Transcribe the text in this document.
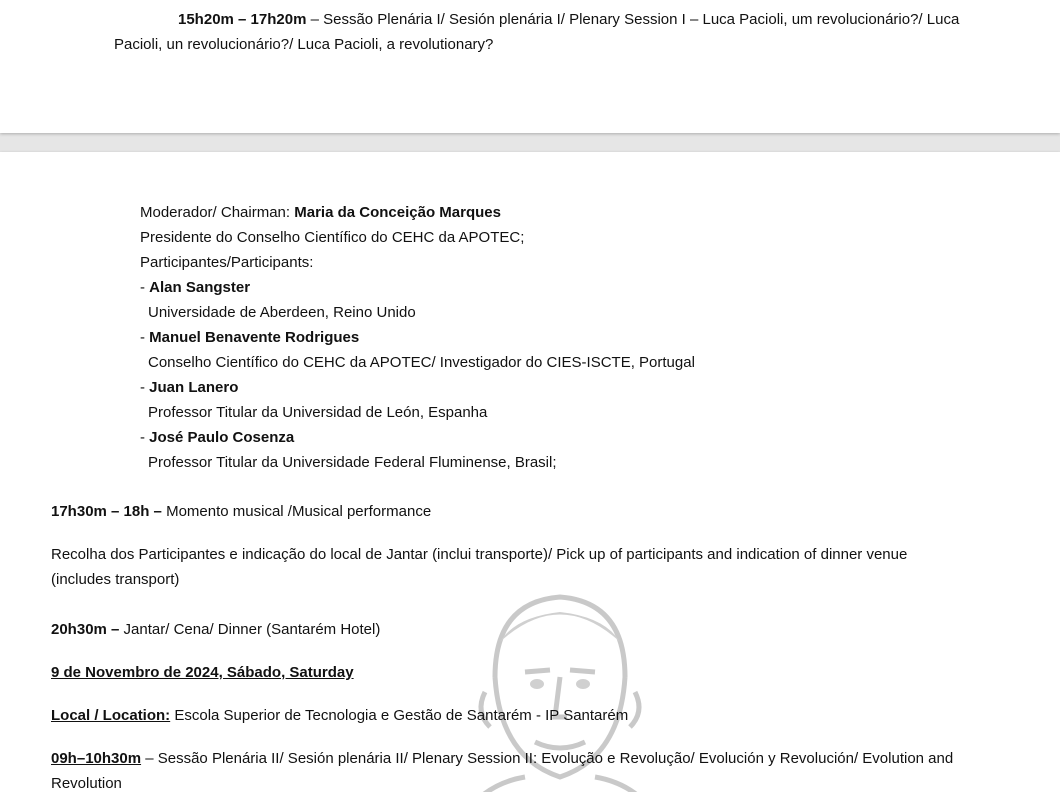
15h20m – 17h20m – Sessão Plenária I/ Sesión plenária I/ Plenary Session I – Luca Pacioli, um revolucionário?/ Luca
Pacioli, un revolucionário?/ Luca Pacioli, a revolutionary?
Moderador/ Chairman: Maria da Conceição Marques
Presidente do Conselho Científico do CEHC da APOTEC;
Participantes/Participants:
- Alan Sangster
Universidade de Aberdeen, Reino Unido
- Manuel Benavente Rodrigues
Conselho Científico do CEHC da APOTEC/ Investigador do CIES-ISCTE, Portugal
- Juan Lanero
Professor Titular da Universidad de León, Espanha
- José Paulo Cosenza
Professor Titular da Universidade Federal Fluminense, Brasil;
17h30m – 18h – Momento musical /Musical performance
Recolha dos Participantes e indicação do local de Jantar (inclui transporte)/ Pick up of participants and indication of dinner venue
(includes transport)
20h30m – Jantar/ Cena/ Dinner (Santarém Hotel)
9 de Novembro de 2024, Sábado, Saturday
Local / Location: Escola Superior de Tecnologia e Gestão de Santarém - IP Santarém
09h–10h30m – Sessão Plenária II/ Sesión plenária II/ Plenary Session II: Evolução e Revolução/ Evolución y Revolución/ Evolution and
Revolution
